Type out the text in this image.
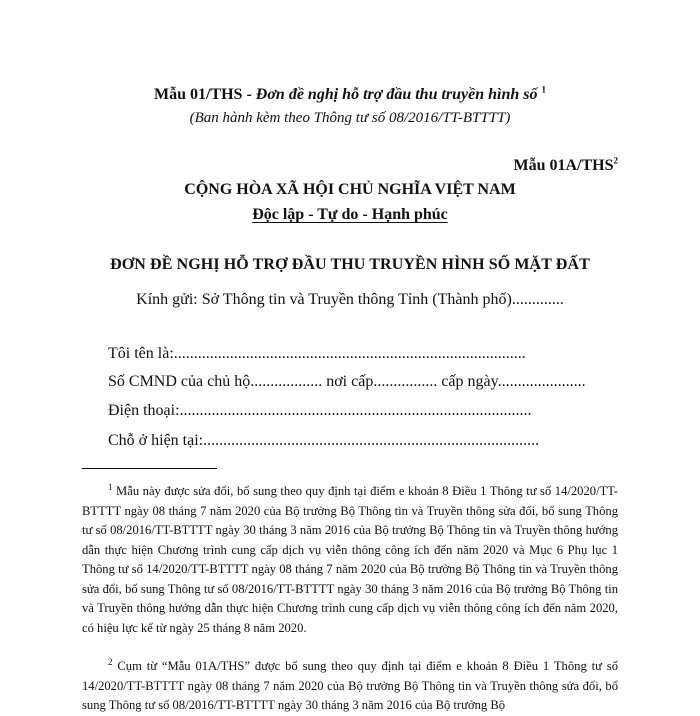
Mẫu 01/THS - Đơn đề nghị hỗ trợ đầu thu truyền hình số $^1$
(Ban hành kèm theo Thông tư số 08/2016/TT-BTTTT)
Mẫu 01A/THS$^2$
CỘNG HÒA XÃ HỘI CHỦ NGHĨA VIỆT NAM
Độc lập - Tự do - Hạnh phúc
ĐƠN ĐỀ NGHỊ HỖ TRỢ ĐẦU THU TRUYỀN HÌNH SỐ MẶT ĐẤT
Kính gửi: Sở Thông tin và Truyền thông Tỉnh (Thành phố).............
Tôi tên là:........................................................................................
Số CMND của chủ hộ.................. nơi cấp................ cấp ngày......................
Điện thoại:........................................................................................
Chỗ ở hiện tại:....................................................................................
$^1$ Mẫu này được sửa đổi, bổ sung theo quy định tại điểm e khoản 8 Điều 1 Thông tư số 14/2020/TT-BTTTT ngày 08 tháng 7 năm 2020 của Bộ trưởng Bộ Thông tin và Truyền thông sửa đổi, bổ sung Thông tư số 08/2016/TT-BTTTT ngày 30 tháng 3 năm 2016 của Bộ trưởng Bộ Thông tin và Truyền thông hướng dẫn thực hiện Chương trình cung cấp dịch vụ viễn thông công ích đến năm 2020 và Mục 6 Phụ lục 1 Thông tư số 14/2020/TT-BTTTT ngày 08 tháng 7 năm 2020 của Bộ trưởng Bộ Thông tin và Truyền thông sửa đổi, bổ sung Thông tư số 08/2016/TT-BTTTT ngày 30 tháng 3 năm 2016 của Bộ trưởng Bộ Thông tin và Truyền thông hướng dẫn thực hiện Chương trình cung cấp dịch vụ viễn thông công ích đến năm 2020, có hiệu lực kể từ ngày 25 tháng 8 năm 2020.
$^2$ Cụm từ “Mẫu 01A/THS” được bổ sung theo quy định tại điểm e khoản 8 Điều 1 Thông tư số 14/2020/TT-BTTTT ngày 08 tháng 7 năm 2020 của Bộ trưởng Bộ Thông tin và Truyền thông sửa đổi, bổ sung Thông tư số 08/2016/TT-BTTTT ngày 30 tháng 3 năm 2016 của Bộ trưởng Bộ
